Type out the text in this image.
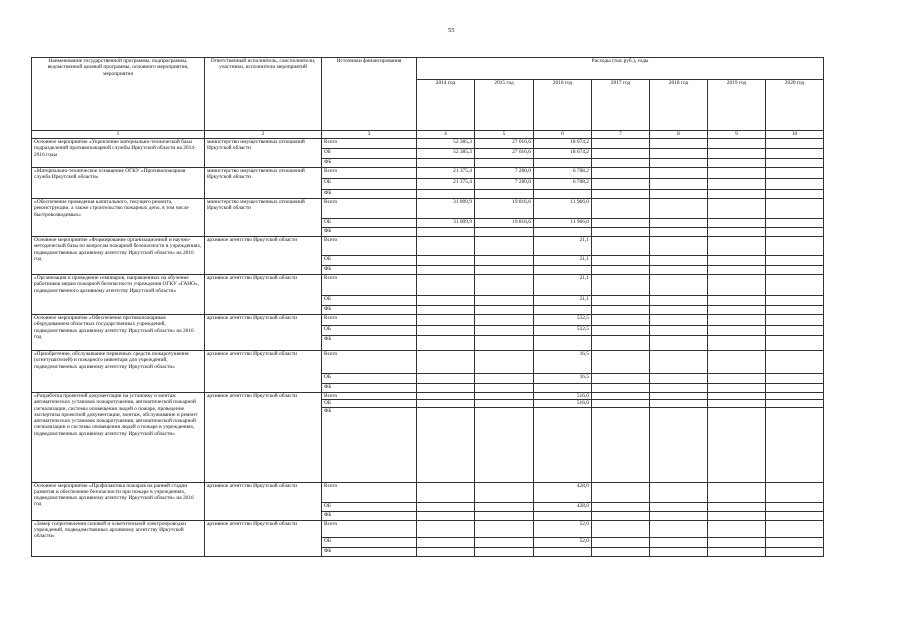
55
Наименование государственной программы, подпрограммы, ведомственной целевой программы, основного мероприятия, мероприятия	Ответственный исполнитель, соисполнители, участники, исполнители мероприятий	Источники финансирования	Расходы (тыс.руб.), годы						
			2014 год	2015 год	2016 год	2017 год	2018 год	2019 год	2020 год
1	2	3	4	5	6	7	8	9	10
Основное мероприятие «Укрепление материально-технической базы подразделений противопожарной службы Иркутской области на 2014-2016 годы	министерство имущественных отношений Иркутской области	Всего	52 385,3	27 016,6	18 674,2				
		ОБ	52 385,3	27 016,6	18 674,2				
		ФБ							
«Материально-техническое оснащение ОГКУ «Противопожарная служба Иркутской области»	министерство имущественных отношений Иркутской области	Всего	21 375,4	7 200,0	6 708,2				
		ОБ	21 375,4	7 200,0	6 708,2				
		ФБ							
«Обеспечение проведения капитального, текущего ремонта, реконструкции, а также строительство пожарных депо, в том числе быстровозводимых»	министерство имущественных отношений Иркутской области	Всего	31 009,9	19 816,6	11 966,0				
		ОБ	31 009,9	19 816,6	11 966,0				
		ФБ							
Основное мероприятие «Формирование организационной и научно-методической базы по вопросам пожарной безопасности в учреждениях, подведомственных архивному агентству Иркутской области» на 2016 год	архивное агентство Иркутской области	Всего			21,1				
		ОБ			21,1				
		ФБ							
«Организация и проведение семинаров, направленных на обучение работников мерам пожарной безопасности учреждения ОГКУ «ГАНО», подведомственного архивному агентству Иркутской области»	архивное агентство Иркутской области	Всего			21,1				
		ОБ			21,1				
		ФБ							
Основное мероприятие «Обеспечение противопожарным оборудованием областных государственных учреждений, подведомственных архивному агентству Иркутской области» на 2016 год	архивное агентство Иркутской области	Всего			532,5				
		ОБ			532,5				
		ФБ							
«Приобретение, обслуживание первичных средств пожаротушения (огнетушителей) и пожарного инвентаря для учреждений, подведомственных архивному агентству Иркутской области»	архивное агентство Иркутской области	Всего			16,5				
		ОБ			16,5				
		ФБ							
«Разработка проектной документации на установку и монтаж автоматических установок пожаротушения, автоматической пожарной сигнализации, системы оповещения людей о пожаре, проведение экспертизы проектной документации, монтаж, обслуживание и ремонт автоматических установок пожаротушения, автоматической пожарной сигнализации и системы оповещения людей о пожаре в учреждениях, подведомственных архивному агентству Иркутской области»	архивное агентство Иркутской области	Всего			516,0				
		ОБ			516,0				
		ФБ							
Основное мероприятие «Профилактика пожаров на ранней стадии развития и обеспечение безопасности при пожаре в учреждениях, подведомственных архивному агентству Иркутской области» на 2016 год	архивное агентство Иркутской области	Всего			428,0				
		ОБ			428,0				
		ФБ							
«Замер сопротивления силовой и осветительной электропроводки учреждений, подведомственных архивному агентству Иркутской области»	архивное агентство Иркутской области	Всего			52,0				
		ОБ			52,0				
		ФБ							
